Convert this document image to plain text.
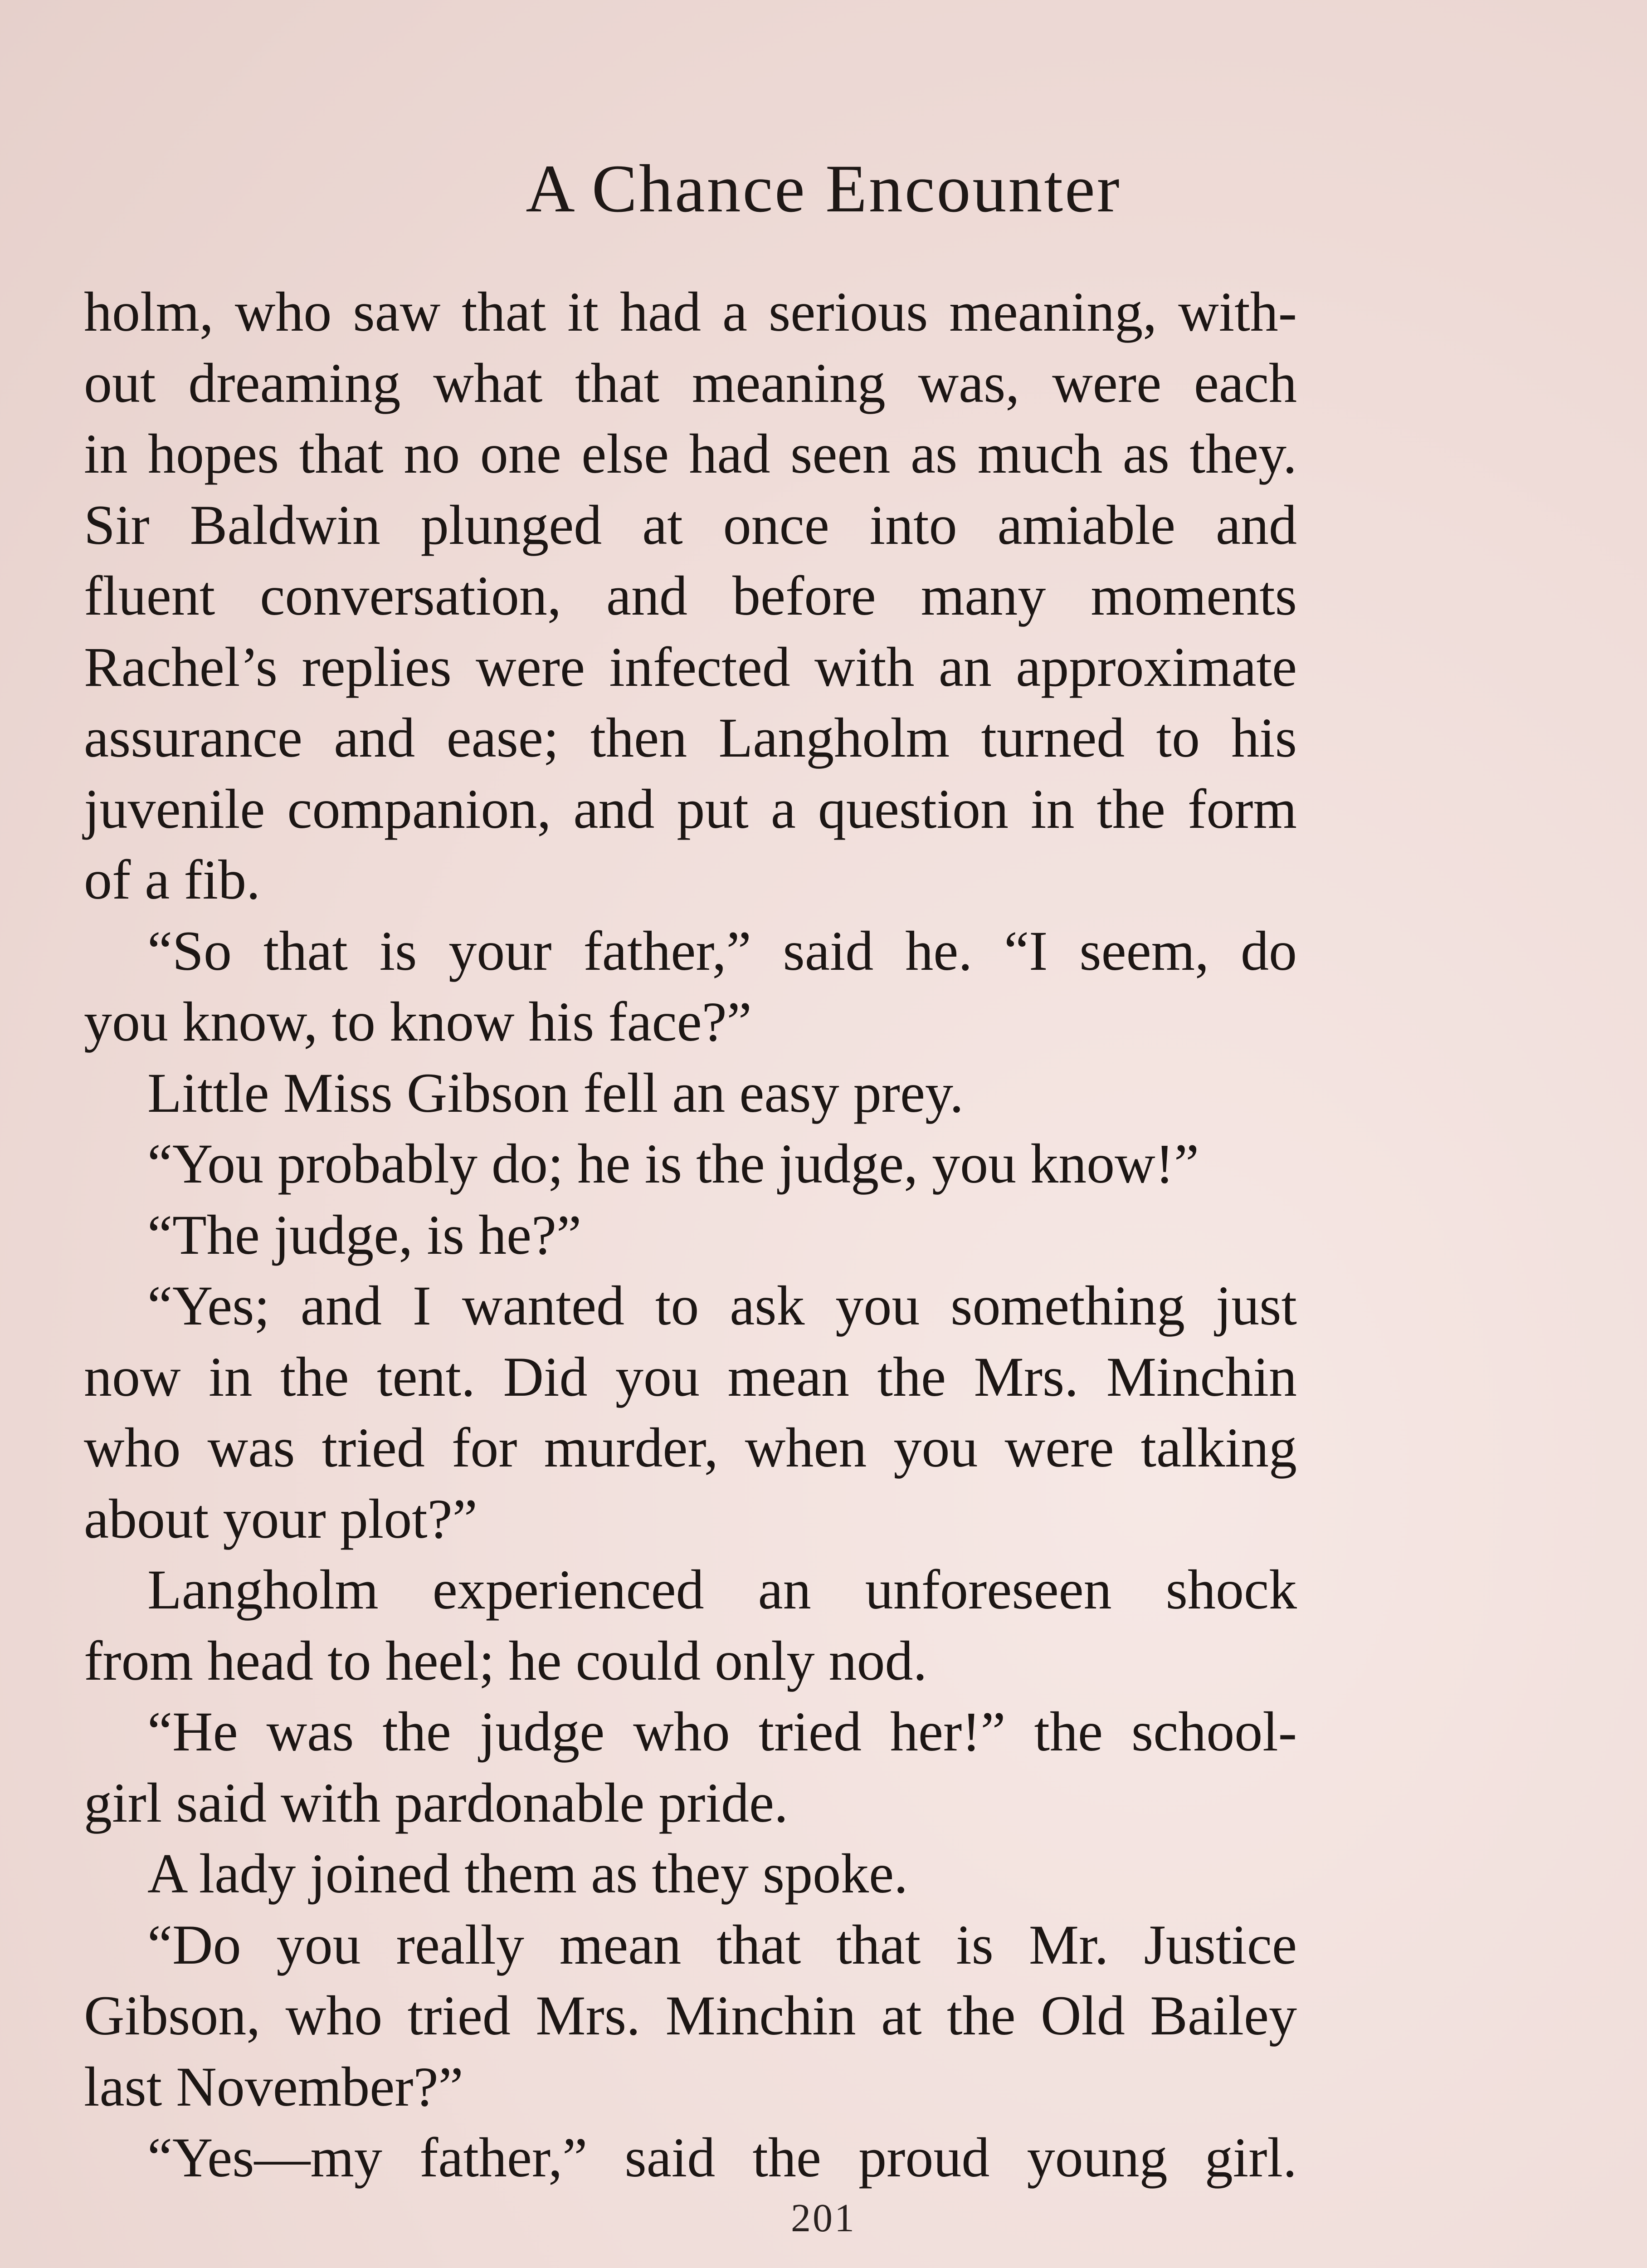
A Chance Encounter
holm, who saw that it had a serious meaning, with-
out dreaming what that meaning was, were each
in hopes that no one else had seen as much as they.
Sir Baldwin plunged at once into amiable and
fluent conversation, and before many moments
Rachel’s replies were infected with an approximate
assurance and ease; then Langholm turned to his
juvenile companion, and put a question in the form
of a fib.
“So that is your father,” said he. “I seem, do
you know, to know his face?”
Little Miss Gibson fell an easy prey.
“You probably do; he is the judge, you know!”
“The judge, is he?”
“Yes; and I wanted to ask you something just
now in the tent. Did you mean the Mrs. Minchin
who was tried for murder, when you were talking
about your plot?”
Langholm experienced an unforeseen shock
from head to heel; he could only nod.
“He was the judge who tried her!” the school-
girl said with pardonable pride.
A lady joined them as they spoke.
“Do you really mean that that is Mr. Justice
Gibson, who tried Mrs. Minchin at the Old Bailey
last November?”
“Yes—my father,” said the proud young girl.
201
